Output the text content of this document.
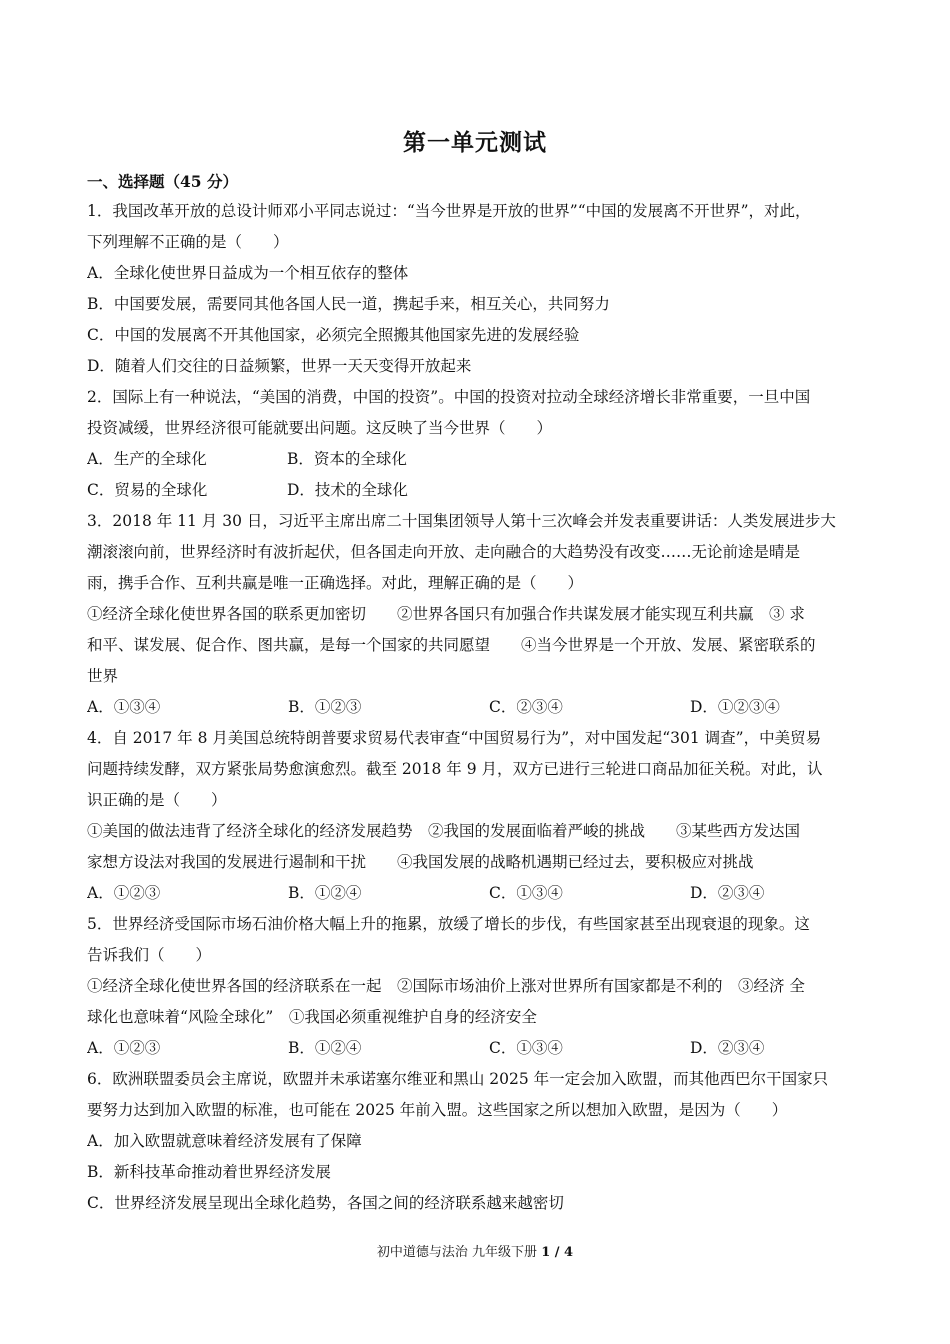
第一单元测试
一、选择题（45 分）
1．我国改革开放的总设计师邓小平同志说过：“当今世界是开放的世界”“中国的发展离不开世界”，对此，
下列理解不正确的是（　　）
A．全球化使世界日益成为一个相互依存的整体
B．中国要发展，需要同其他各国人民一道，携起手来，相互关心，共同努力
C．中国的发展离不开其他国家，必须完全照搬其他国家先进的发展经验
D．随着人们交往的日益频繁，世界一天天变得开放起来
2．国际上有一种说法，“美国的消费，中国的投资”。中国的投资对拉动全球经济增长非常重要，一旦中国
投资减缓，世界经济很可能就要出问题。这反映了当今世界（　　）
A．生产的全球化	B．资本的全球化
C．贸易的全球化	D．技术的全球化
3．2018 年 11 月 30 日，习近平主席出席二十国集团领导人第十三次峰会并发表重要讲话：人类发展进步大
潮滚滚向前，世界经济时有波折起伏，但各国走向开放、走向融合的大趋势没有改变……无论前途是晴是
雨，携手合作、互利共赢是唯一正确选择。对此，理解正确的是（　　）
①经济全球化使世界各国的联系更加密切　　②世界各国只有加强合作共谋发展才能实现互利共赢　③ 求
和平、谋发展、促合作、图共赢，是每一个国家的共同愿望　　④当今世界是一个开放、发展、紧密联系的
世界
A．①③④	B．①②③	C．②③④	D．①②③④
4．自 2017 年 8 月美国总统特朗普要求贸易代表审查“中国贸易行为”，对中国发起“301 调查”，中美贸易
问题持续发酵，双方紧张局势愈演愈烈。截至 2018 年 9 月，双方已进行三轮进口商品加征关税。对此，认
识正确的是（　　）
①美国的做法违背了经济全球化的经济发展趋势　②我国的发展面临着严峻的挑战　　③某些西方发达国
家想方设法对我国的发展进行遏制和干扰　　④我国发展的战略机遇期已经过去，要积极应对挑战
A．①②③	B．①②④	C．①③④	D．②③④
5．世界经济受国际市场石油价格大幅上升的拖累，放缓了增长的步伐，有些国家甚至出现衰退的现象。这
告诉我们（　　）
①经济全球化使世界各国的经济联系在一起　②国际市场油价上涨对世界所有国家都是不利的　③经济 全
球化也意味着“风险全球化”　①我国必须重视维护自身的经济安全
A．①②③	B．①②④	C．①③④	D．②③④
6．欧洲联盟委员会主席说，欧盟并未承诺塞尔维亚和黑山 2025 年一定会加入欧盟，而其他西巴尔干国家只
要努力达到加入欧盟的标准，也可能在 2025 年前入盟。这些国家之所以想加入欧盟，是因为（　　）
A．加入欧盟就意味着经济发展有了保障
B．新科技革命推动着世界经济发展
C．世界经济发展呈现出全球化趋势，各国之间的经济联系越来越密切
初中道德与法治 九年级下册 1 / 4
